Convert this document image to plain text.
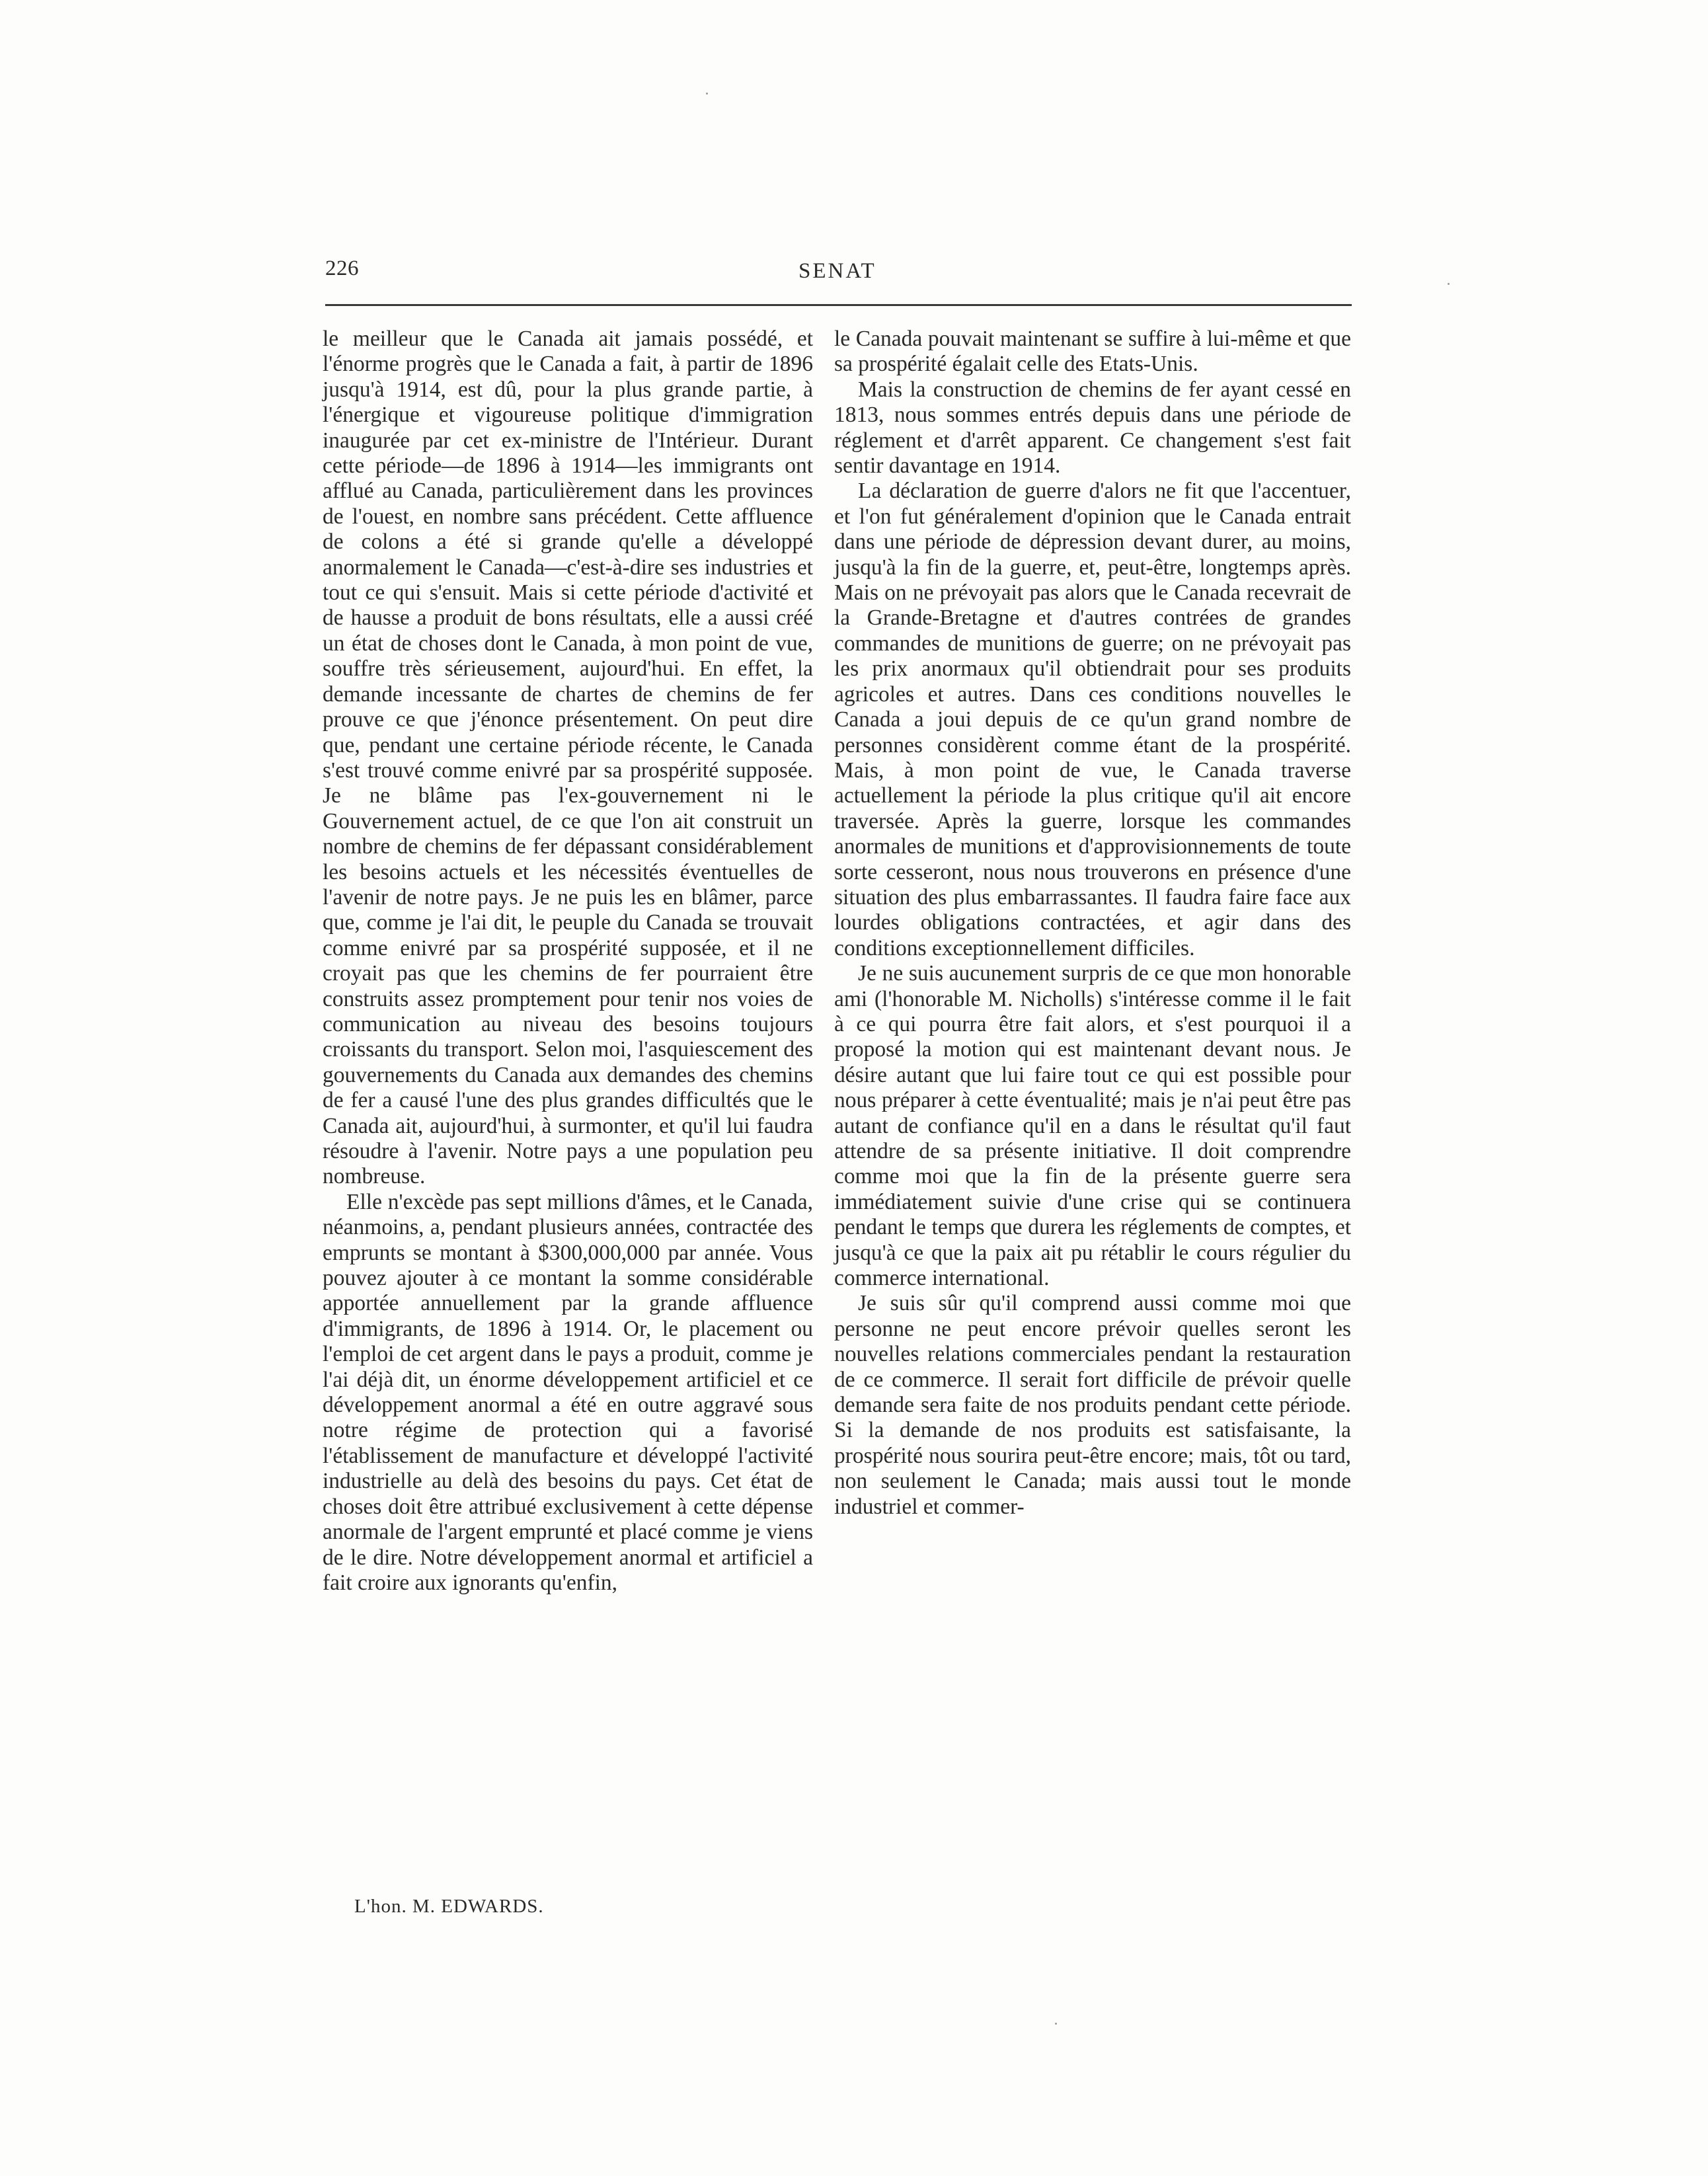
226	SENAT

le meilleur que le Canada ait jamais possédé, et l'énorme progrès que le Canada a fait, à partir de 1896 jusqu'à 1914, est dû, pour la plus grande partie, à l'énergique et vigoureuse politique d'immigration inaugurée par cet ex-ministre de l'Intérieur. Durant cette période—de 1896 à 1914—les immigrants ont afflué au Canada, particulièrement dans les provinces de l'ouest, en nombre sans précédent. Cette affluence de colons a été si grande qu'elle a développé anormalement le Canada—c'est-à-dire ses industries et tout ce qui s'ensuit. Mais si cette période d'activité et de hausse a produit de bons résultats, elle a aussi créé un état de choses dont le Canada, à mon point de vue, souffre très sérieusement, aujourd'hui. En effet, la demande incessante de chartes de chemins de fer prouve ce que j'énonce présentement. On peut dire que, pendant une certaine période récente, le Canada s'est trouvé comme enivré par sa prospérité supposée. Je ne blâme pas l'ex-gouvernement ni le Gouvernement actuel, de ce que l'on ait construit un nombre de chemins de fer dépassant considérablement les besoins actuels et les nécessités éventuelles de l'avenir de notre pays. Je ne puis les en blâmer, parce que, comme je l'ai dit, le peuple du Canada se trouvait comme enivré par sa prospérité supposée, et il ne croyait pas que les chemins de fer pourraient être construits assez promptement pour tenir nos voies de communication au niveau des besoins toujours croissants du transport. Selon moi, l'asquiescement des gouvernements du Canada aux demandes des chemins de fer a causé l'une des plus grandes difficultés que le Canada ait, aujourd'hui, à surmonter, et qu'il lui faudra résoudre à l'avenir. Notre pays a une population peu nombreuse.

Elle n'excède pas sept millions d'âmes, et le Canada, néanmoins, a, pendant plusieurs années, contractée des emprunts se montant à $300,000,000 par année. Vous pouvez ajouter à ce montant la somme considérable apportée annuellement par la grande affluence d'immigrants, de 1896 à 1914. Or, le placement ou l'emploi de cet argent dans le pays a produit, comme je l'ai déjà dit, un énorme développement artificiel et ce développement anormal a été en outre aggravé sous notre régime de protection qui a favorisé l'établissement de manufacture et développé l'activité industrielle au delà des besoins du pays. Cet état de choses doit être attribué exclusivement à cette dépense anormale de l'argent emprunté et placé comme je viens de le dire. Notre développement anormal et artificiel a fait croire aux ignorants qu'enfin,

le Canada pouvait maintenant se suffire à lui-même et que sa prospérité égalait celle des Etats-Unis.

Mais la construction de chemins de fer ayant cessé en 1813, nous sommes entrés depuis dans une période de réglement et d'arrêt apparent. Ce changement s'est fait sentir davantage en 1914.

La déclaration de guerre d'alors ne fit que l'accentuer, et l'on fut généralement d'opinion que le Canada entrait dans une période de dépression devant durer, au moins, jusqu'à la fin de la guerre, et, peut-être, longtemps après. Mais on ne prévoyait pas alors que le Canada recevrait de la Grande-Bretagne et d'autres contrées de grandes commandes de munitions de guerre; on ne prévoyait pas les prix anormaux qu'il obtiendrait pour ses produits agricoles et autres. Dans ces conditions nouvelles le Canada a joui depuis de ce qu'un grand nombre de personnes considèrent comme étant de la prospérité. Mais, à mon point de vue, le Canada traverse actuellement la période la plus critique qu'il ait encore traversée. Après la guerre, lorsque les commandes anormales de munitions et d'approvisionnements de toute sorte cesseront, nous nous trouverons en présence d'une situation des plus embarrassantes. Il faudra faire face aux lourdes obligations contractées, et agir dans des conditions exceptionnellement difficiles.

Je ne suis aucunement surpris de ce que mon honorable ami (l'honorable M. Nicholls) s'intéresse comme il le fait à ce qui pourra être fait alors, et s'est pourquoi il a proposé la motion qui est maintenant devant nous. Je désire autant que lui faire tout ce qui est possible pour nous préparer à cette éventualité; mais je n'ai peut être pas autant de confiance qu'il en a dans le résultat qu'il faut attendre de sa présente initiative. Il doit comprendre comme moi que la fin de la présente guerre sera immédiatement suivie d'une crise qui se continuera pendant le temps que durera les réglements de comptes, et jusqu'à ce que la paix ait pu rétablir le cours régulier du commerce international.

Je suis sûr qu'il comprend aussi comme moi que personne ne peut encore prévoir quelles seront les nouvelles relations commerciales pendant la restauration de ce commerce. Il serait fort difficile de prévoir quelle demande sera faite de nos produits pendant cette période. Si la demande de nos produits est satisfaisante, la prospérité nous sourira peut-être encore; mais, tôt ou tard, non seulement le Canada; mais aussi tout le monde industriel et commer-

L'hon. M. EDWARDS.
